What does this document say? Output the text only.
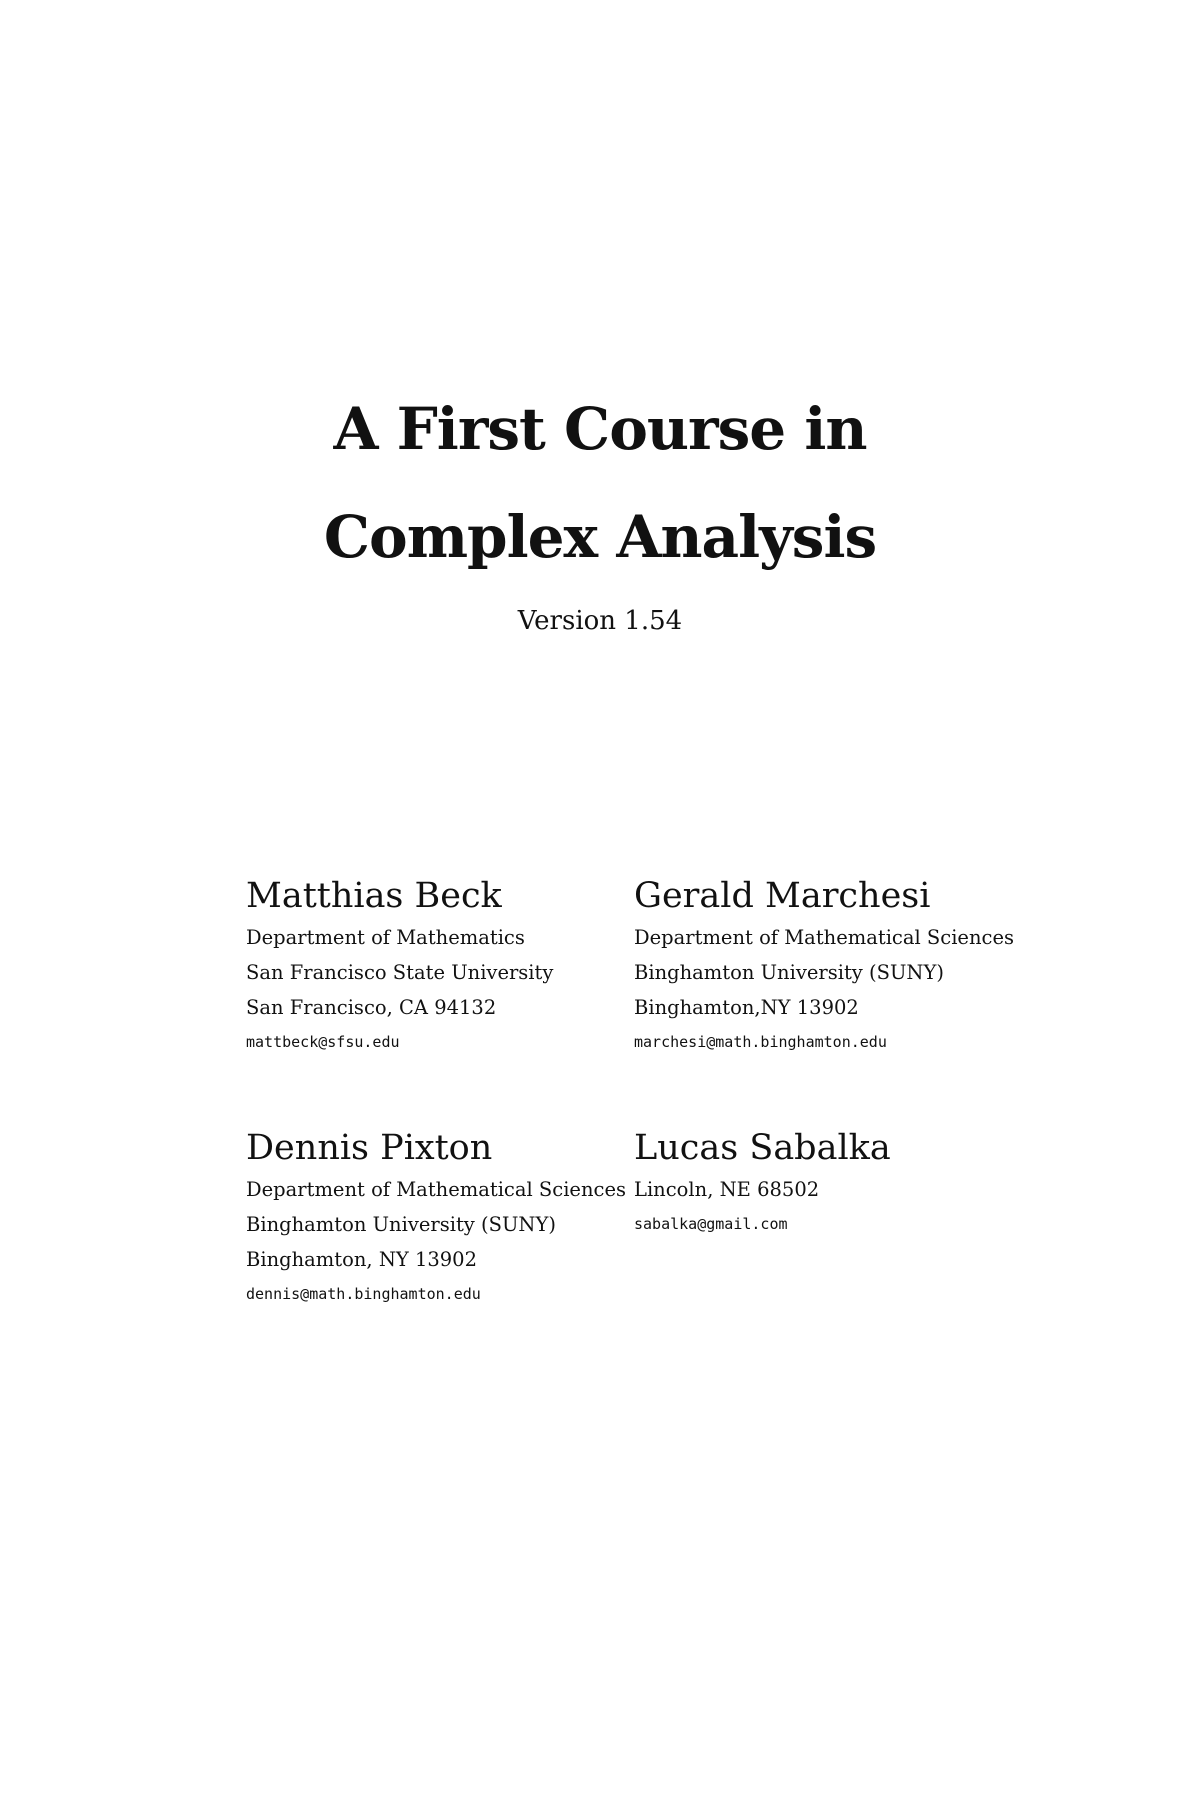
A First Course in
Complex Analysis
Version 1.54
Matthias Beck
Department of Mathematics
San Francisco State University
San Francisco, CA 94132
mattbeck@sfsu.edu
Gerald Marchesi
Department of Mathematical Sciences
Binghamton University (SUNY)
Binghamton,NY 13902
marchesi@math.binghamton.edu
Dennis Pixton
Department of Mathematical Sciences
Binghamton University (SUNY)
Binghamton, NY 13902
dennis@math.binghamton.edu
Lucas Sabalka
Lincoln, NE 68502
sabalka@gmail.com
